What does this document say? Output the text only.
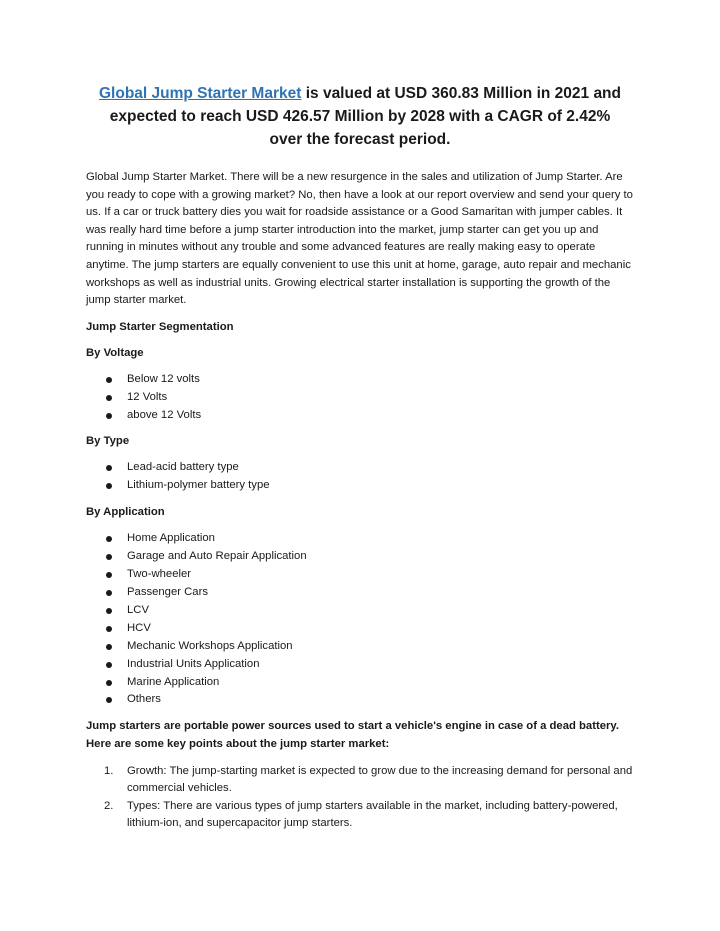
Global Jump Starter Market is valued at USD 360.83 Million in 2021 and expected to reach USD 426.57 Million by 2028 with a CAGR of 2.42% over the forecast period.

Global Jump Starter Market. There will be a new resurgence in the sales and utilization of Jump Starter. Are you ready to cope with a growing market? No, then have a look at our report overview and send your query to us. If a car or truck battery dies you wait for roadside assistance or a Good Samaritan with jumper cables. It was really hard time before a jump starter introduction into the market, jump starter can get you up and running in minutes without any trouble and some advanced features are really making easy to operate anytime. The jump starters are equally convenient to use this unit at home, garage, auto repair and mechanic workshops as well as industrial units. Growing electrical starter installation is supporting the growth of the jump starter market.

Jump Starter Segmentation

By Voltage

Below 12 volts
12 Volts
above 12 Volts

By Type

Lead-acid battery type
Lithium-polymer battery type

By Application

Home Application
Garage and Auto Repair Application
Two-wheeler
Passenger Cars
LCV
HCV
Mechanic Workshops Application
Industrial Units Application
Marine Application
Others

Jump starters are portable power sources used to start a vehicle's engine in case of a dead battery. Here are some key points about the jump starter market:

1. Growth: The jump-starting market is expected to grow due to the increasing demand for personal and commercial vehicles.
2. Types: There are various types of jump starters available in the market, including battery-powered, lithium-ion, and supercapacitor jump starters.
